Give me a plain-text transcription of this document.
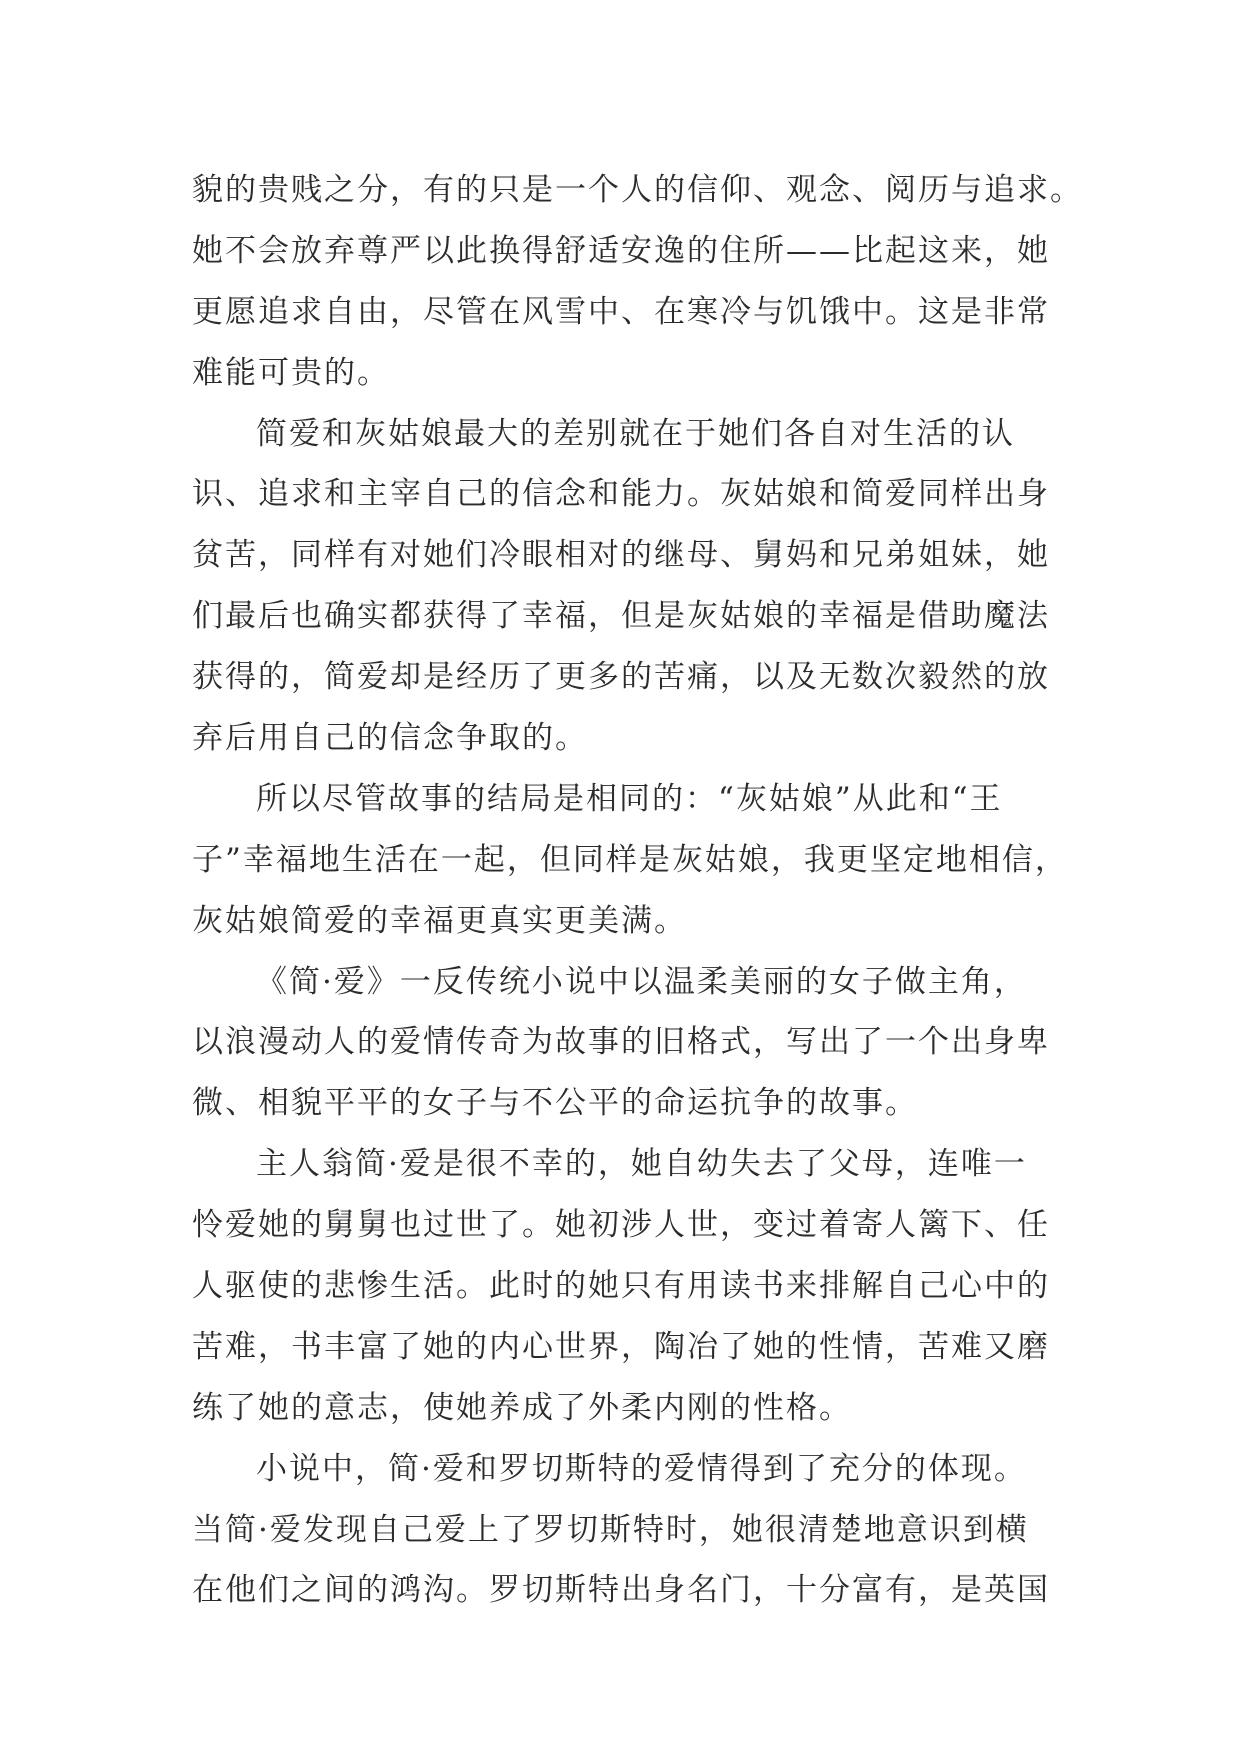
貌的贵贱之分，有的只是一个人的信仰、观念、阅历与追求。
她不会放弃尊严以此换得舒适安逸的住所——比起这来，她
更愿追求自由，尽管在风雪中、在寒冷与饥饿中。这是非常
难能可贵的。
简爱和灰姑娘最大的差别就在于她们各自对生活的认
识、追求和主宰自己的信念和能力。灰姑娘和简爱同样出身
贫苦，同样有对她们冷眼相对的继母、舅妈和兄弟姐妹，她
们最后也确实都获得了幸福，但是灰姑娘的幸福是借助魔法
获得的，简爱却是经历了更多的苦痛，以及无数次毅然的放
弃后用自己的信念争取的。
所以尽管故事的结局是相同的：“灰姑娘”从此和“王
子”幸福地生活在一起，但同样是灰姑娘，我更坚定地相信，
灰姑娘简爱的幸福更真实更美满。
《简·爱》一反传统小说中以温柔美丽的女子做主角，
以浪漫动人的爱情传奇为故事的旧格式，写出了一个出身卑
微、相貌平平的女子与不公平的命运抗争的故事。
主人翁简·爱是很不幸的，她自幼失去了父母，连唯一
怜爱她的舅舅也过世了。她初涉人世，变过着寄人篱下、任
人驱使的悲惨生活。此时的她只有用读书来排解自己心中的
苦难，书丰富了她的内心世界，陶冶了她的性情，苦难又磨
练了她的意志，使她养成了外柔内刚的性格。
小说中，简·爱和罗切斯特的爱情得到了充分的体现。
当简·爱发现自己爱上了罗切斯特时，她很清楚地意识到横
在他们之间的鸿沟。罗切斯特出身名门，十分富有，是英国
